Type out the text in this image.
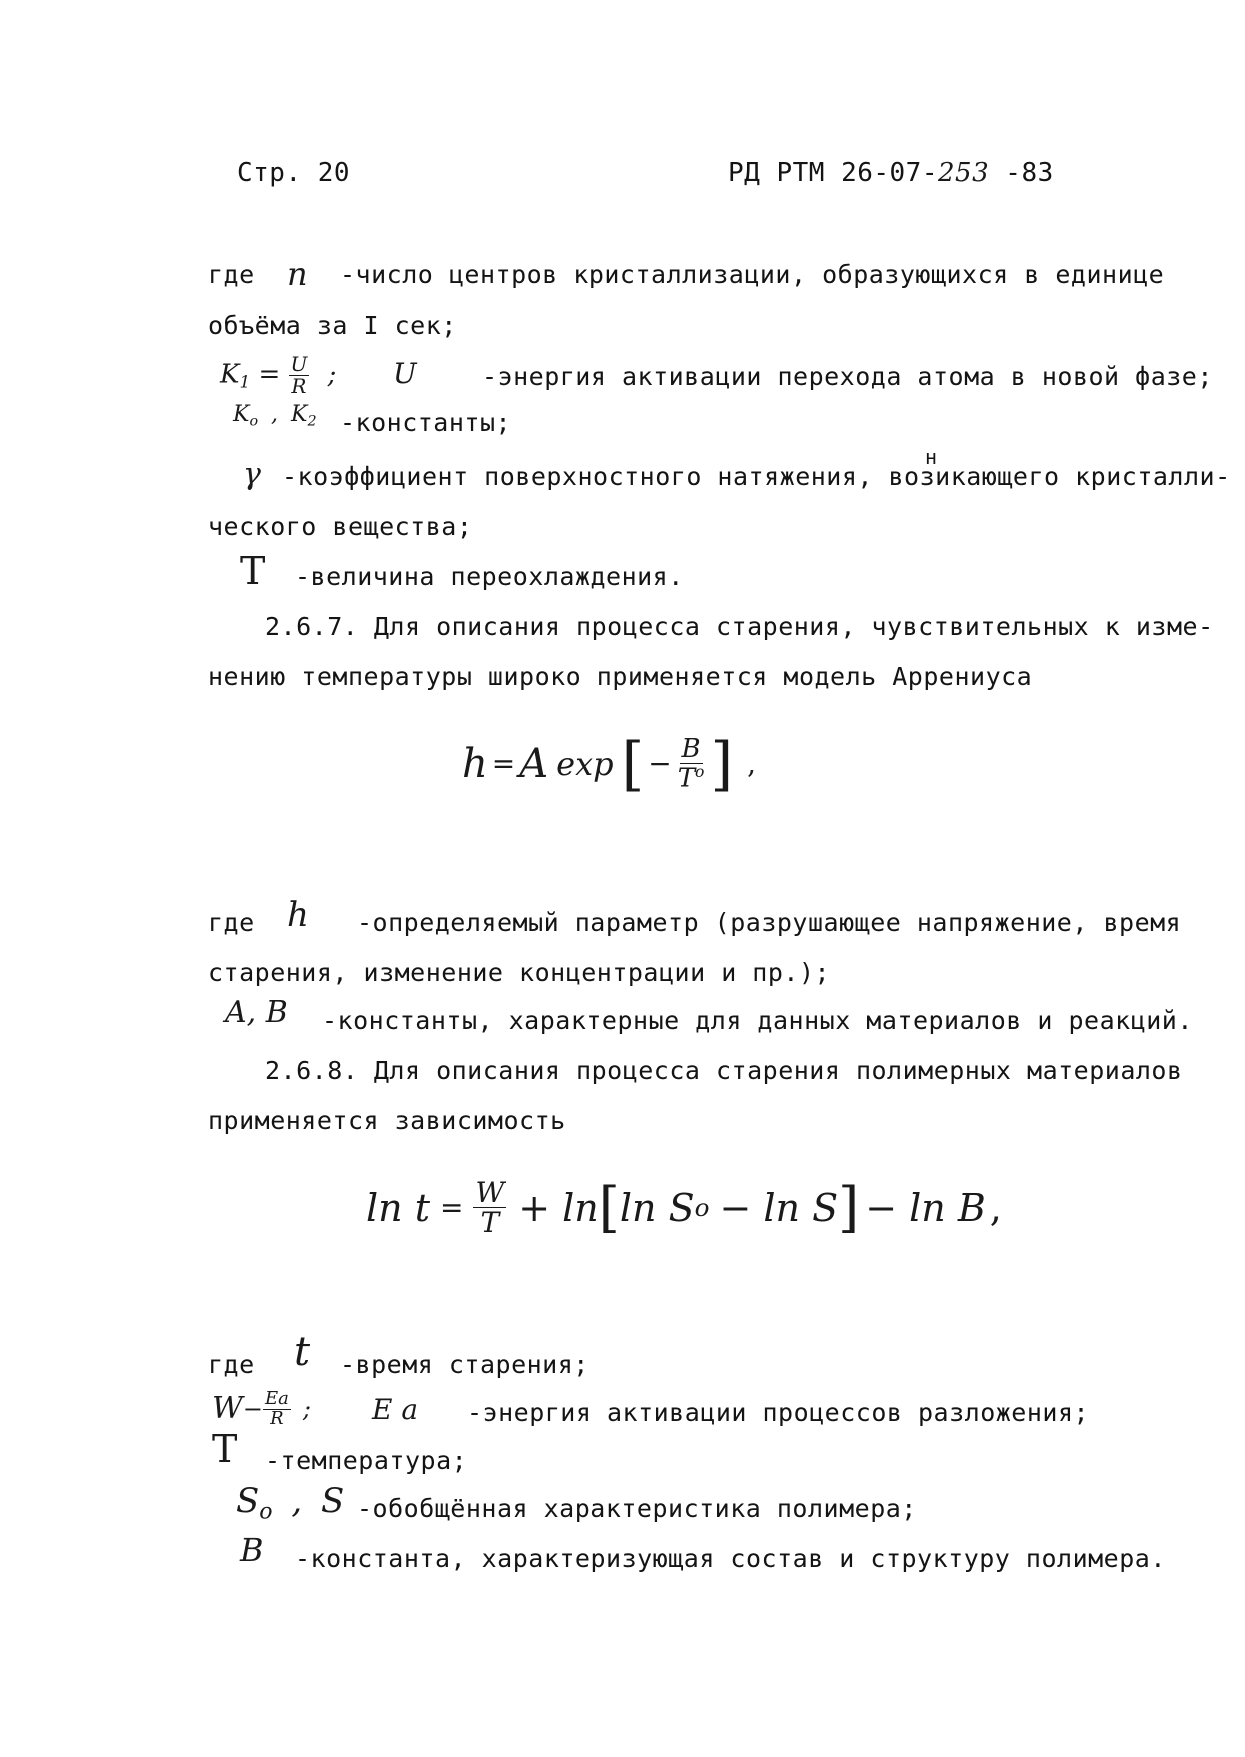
Стр. 20	РД РТМ 26-07-253 -83
где n -число центров кристаллизации, образующихся в единице
объёма за I сек;
$K_1 = \frac{U}{R}$ ; U	-энергия активации перехода атома в новой фазе;
$K_o$ , $K_2$ -константы;
γ	н
-коэффициент поверхностного натяжения, возикающего кристалли-
ческого вещества;
T -величина переохлаждения.
2.6.7. Для описания процесса старения, чувствительных к изме-
нению температуры широко применяется модель Аррениуса
h = A exp [ − $\frac{B}{T^o}$ ] ,
где h -определяемый параметр (разрушающее напряжение, время
старения, изменение концентрации и пр.);
A, B -константы, характерные для данных материалов и реакций.
2.6.8. Для описания процесса старения полимерных материалов
применяется зависимость
$\ln t = \frac{W}{T} + \ln$ [ ln S o − ln S ] − ln B ,
где t -время старения;
$W - \frac{Ea}{R}$ ; E a -энергия активации процессов разложения;
T -температура;
$S_o$ , S -обобщённая характеристика полимера;
B -константа, характеризующая состав и структуру полимера.
